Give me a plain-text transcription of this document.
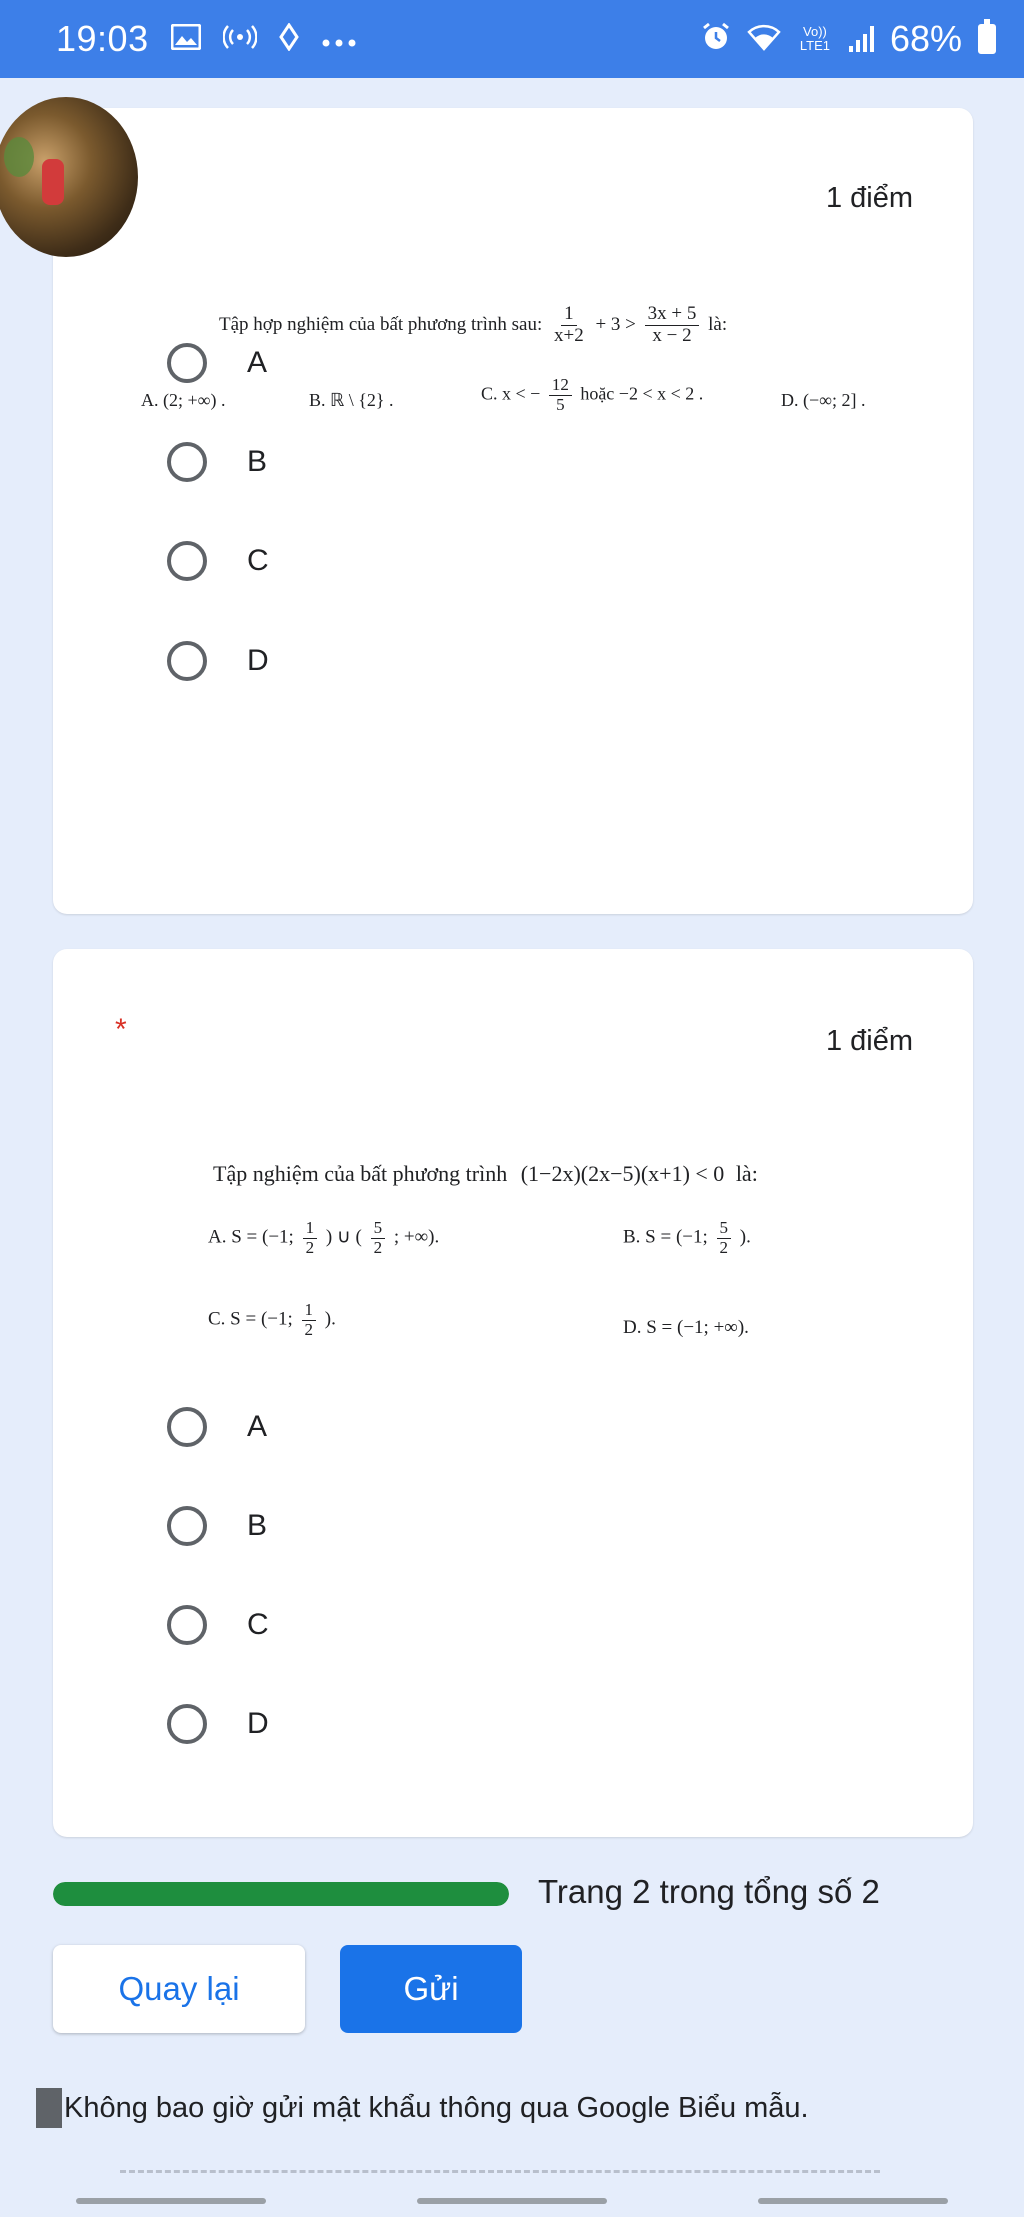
19:03	Vo)) LTE1 68%
1 điểm
Tập hợp nghiệm của bất phương trình sau: $\frac{1}{x+2} + 3 > \frac{3x + 5}{x - 2}$ là:
A. (2; +∞) .	B. ℝ \ {2} .	C. x < − $\frac{12}{5}$ hoặc −2 < x < 2 .	D. (−∞; 2] .
A
B
C
D
*	1 điểm
Tập nghiệm của bất phương trình (1−2x)(2x−5)(x+1) < 0 là:
A. S = (−1; $\frac{1}{2}$ ) ∪ ( $\frac{5}{2}$ ; +∞).	B. S = (−1; $\frac{5}{2}$ ).
C. S = (−1; $\frac{1}{2}$ ).	D. S = (−1; +∞).
A
B
C
D
Trang 2 trong tổng số 2
Quay lại	Gửi
Không bao giờ gửi mật khẩu thông qua Google Biểu mẫu.
